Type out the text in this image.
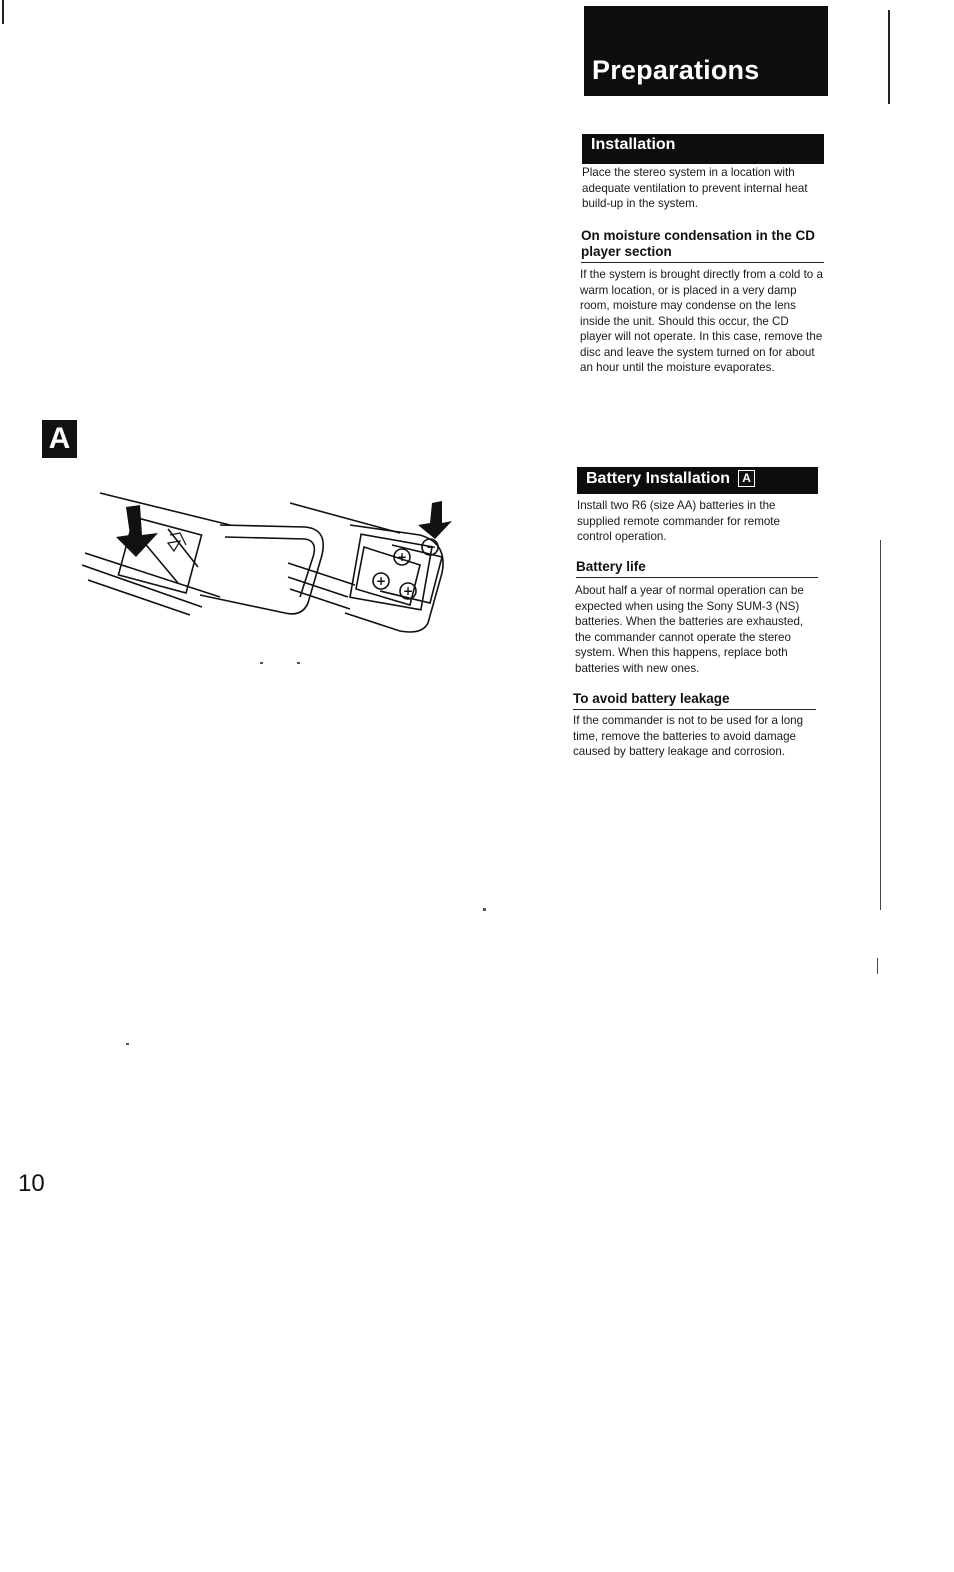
Preparations
Installation
Place the stereo system in a location with adequate ventilation to prevent internal heat build-up in the system.
On moisture condensation in the CD player section
If the system is brought directly from a cold to a warm location, or is placed in a very damp room, moisture may condense on the lens inside the unit. Should this occur, the CD player will not operate. In this case, remove the disc and leave the system turned on for about an hour until the moisture evaporates.
A
+
+
+
−
Battery Installation A
Install two R6 (size AA) batteries in the supplied remote commander for remote control operation.
Battery life
About half a year of normal operation can be expected when using the Sony SUM-3 (NS) batteries. When the batteries are exhausted, the commander cannot operate the stereo system. When this happens, replace both batteries with new ones.
To avoid battery leakage
If the commander is not to be used for a long time, remove the batteries to avoid damage caused by battery leakage and corrosion.
10
